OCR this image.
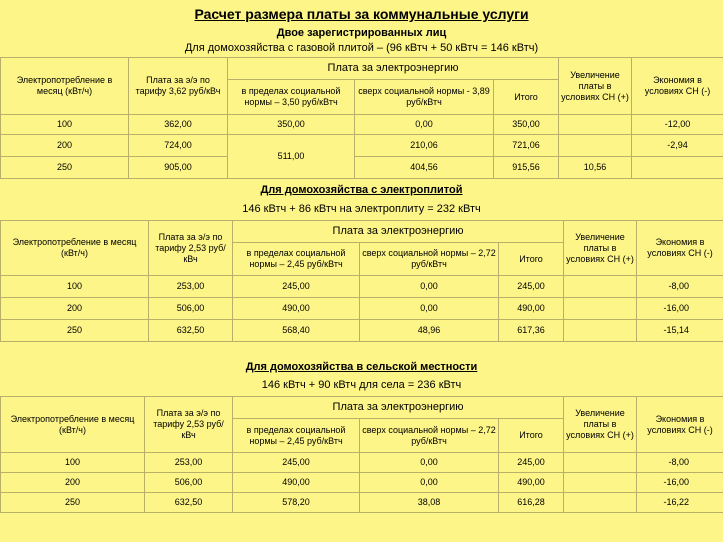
Расчет размера платы за коммунальные услуги
Двое зарегистрированных лиц
Для домохозяйства с газовой плитой – (96 кВтч + 50 кВтч = 146 кВтч)
Электропотребление в месяц (кВт/ч)	Плата за э/э по тарифу 3,62 руб/кВч	Плата за электроэнергию			Увеличение платы в условиях СН (+)	Экономия в условиях СН (-)
		в пределах социальной нормы – 3,50 руб/кВтч	сверх социальной нормы - 3,89 руб/кВтч	Итого		
100	362,00	350,00	0,00	350,00		-12,00
200	724,00	511,00	210,06	721,06		-2,94
250	905,00		404,56	915,56	10,56	
Для домохозяйства с электроплитой
146 кВтч + 86 кВтч на электроплиту = 232 кВтч
Электропотребление в месяц (кВт/ч)	Плата за э/э по тарифу 2,53 руб/кВч	Плата за электроэнергию			Увеличение платы в условиях СН (+)	Экономия в условиях СН (-)
		в пределах социальной нормы – 2,45 руб/кВтч	сверх социальной нормы – 2,72 руб/кВтч	Итого		
100	253,00	245,00	0,00	245,00		-8,00
200	506,00	490,00	0,00	490,00		-16,00
250	632,50	568,40	48,96	617,36		-15,14
Для домохозяйства в сельской местности
146 кВтч + 90 кВтч для села = 236 кВтч
Электропотребление в месяц (кВт/ч)	Плата за э/э по тарифу 2,53 руб/кВч	Плата за электроэнергию			Увеличение платы в условиях СН (+)	Экономия в условиях СН (-)
		в пределах социальной нормы – 2,45 руб/кВтч	сверх социальной нормы – 2,72 руб/кВтч	Итого		
100	253,00	245,00	0,00	245,00		-8,00
200	506,00	490,00	0,00	490,00		-16,00
250	632,50	578,20	38,08	616,28		-16,22
